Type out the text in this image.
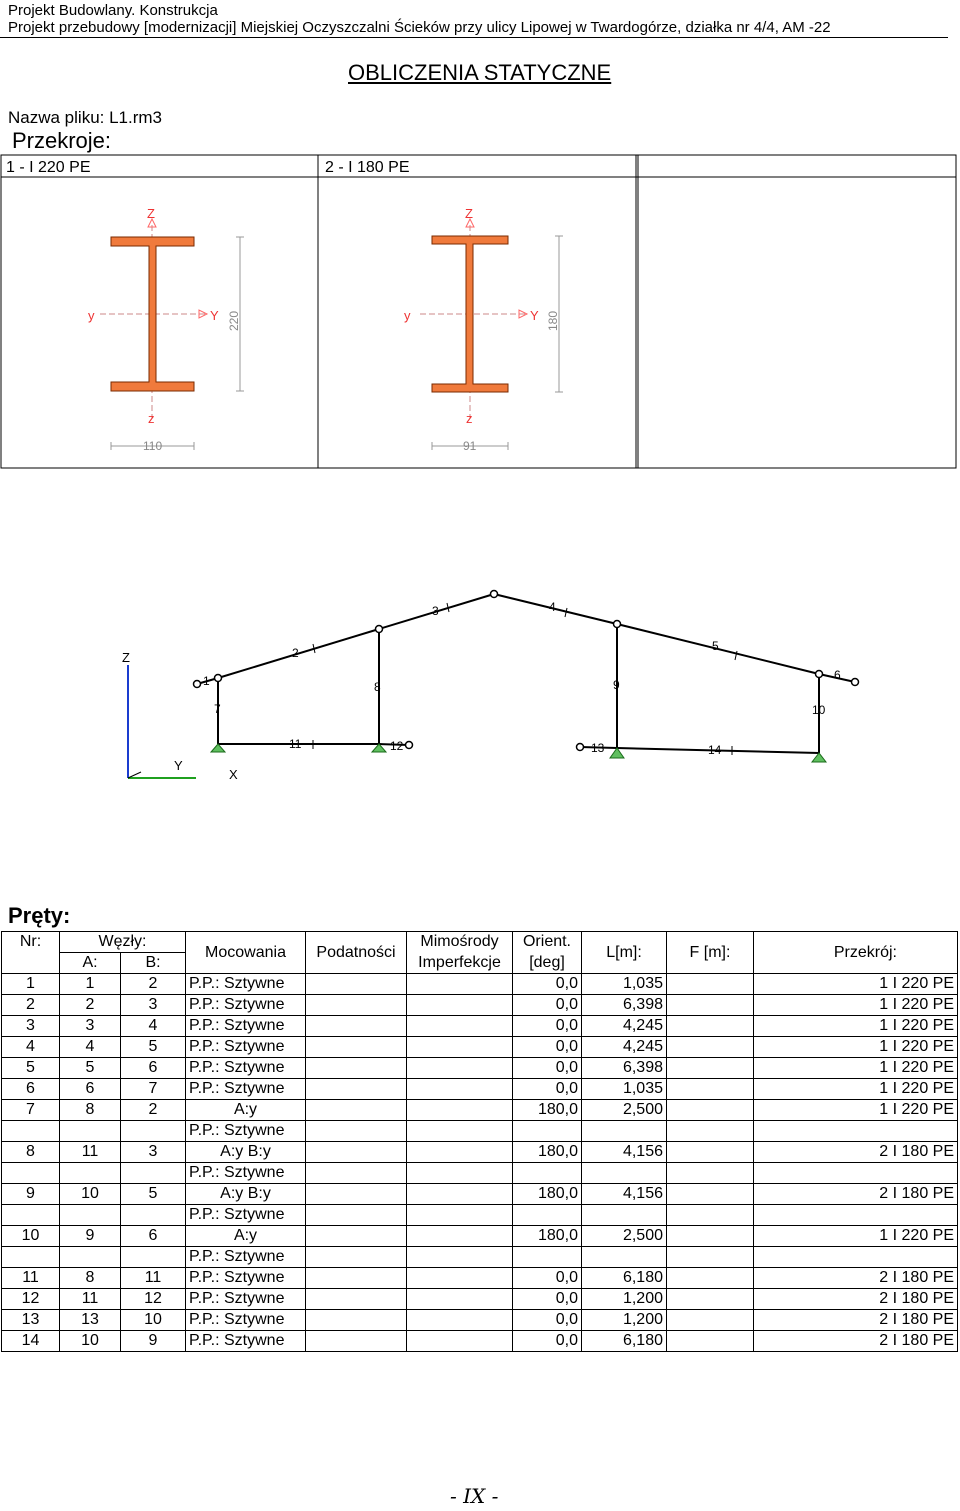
Projekt Budowlany. Konstrukcja
Projekt przebudowy [modernizacji] Miejskiej Oczyszczalni Ścieków przy ulicy Lipowej w Twardogórze, działka nr 4/4, AM -22
OBLICZENIA STATYCZNE
Nazwa pliku: L1.rm3
Przekroje:
1 - I 220 PE	2 - I 180 PE
Z
z
y	Y 220
110
Z
z
y	Y 180
91
Z
Y
X
1
2
3	4
5
6
7
8	9
10
11	12	13	14
Pręty:
Nr:	Węzły:		Mocowania	Podatności	Mimośrody	Orient.	L[m]:	F [m]:	Przekrój:
	A:	B:			Imperfekcje	[deg]			
1	1	2	P.P.: Sztywne			0,0	1,035		1 I 220 PE
2	2	3	P.P.: Sztywne			0,0	6,398		1 I 220 PE
3	3	4	P.P.: Sztywne			0,0	4,245		1 I 220 PE
4	4	5	P.P.: Sztywne			0,0	4,245		1 I 220 PE
5	5	6	P.P.: Sztywne			0,0	6,398		1 I 220 PE
6	6	7	P.P.: Sztywne			0,0	1,035		1 I 220 PE
7	8	2	A:y			180,0	2,500		1 I 220 PE
			P.P.: Sztywne						
8	11	3	A:y B:y			180,0	4,156		2 I 180 PE
			P.P.: Sztywne						
9	10	5	A:y B:y			180,0	4,156		2 I 180 PE
			P.P.: Sztywne						
10	9	6	A:y			180,0	2,500		1 I 220 PE
			P.P.: Sztywne						
11	8	11	P.P.: Sztywne			0,0	6,180		2 I 180 PE
12	11	12	P.P.: Sztywne			0,0	1,200		2 I 180 PE
13	13	10	P.P.: Sztywne			0,0	1,200		2 I 180 PE
14	10	9	P.P.: Sztywne			0,0	6,180		2 I 180 PE
- IX -
